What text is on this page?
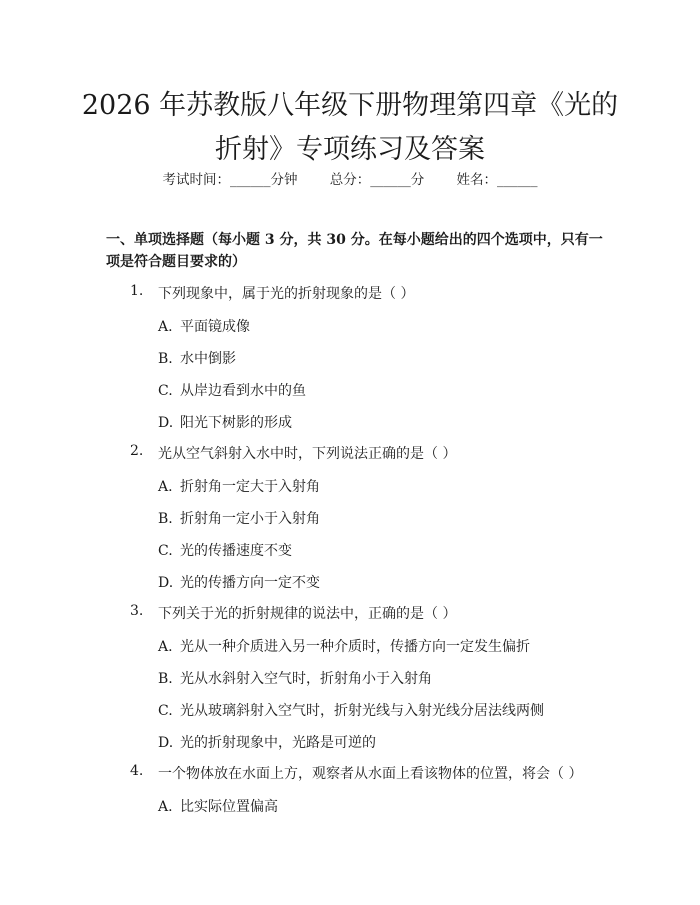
2026 年苏教版八年级下册物理第四章《光的
折射》专项练习及答案
考试时间：______分钟 总分：______分 姓名：______
一、单项选择题（每小题 3 分，共 30 分。在每小题给出的四个选项中，只有一项是符合题目要求的）
1. 下列现象中，属于光的折射现象的是（ ）
A. 平面镜成像
B. 水中倒影
C. 从岸边看到水中的鱼
D. 阳光下树影的形成
2. 光从空气斜射入水中时，下列说法正确的是（ ）
A. 折射角一定大于入射角
B. 折射角一定小于入射角
C. 光的传播速度不变
D. 光的传播方向一定不变
3. 下列关于光的折射规律的说法中，正确的是（ ）
A. 光从一种介质进入另一种介质时，传播方向一定发生偏折
B. 光从水斜射入空气时，折射角小于入射角
C. 光从玻璃斜射入空气时，折射光线与入射光线分居法线两侧
D. 光的折射现象中，光路是可逆的
4. 一个物体放在水面上方，观察者从水面上看该物体的位置，将会（ ）
A. 比实际位置偏高
